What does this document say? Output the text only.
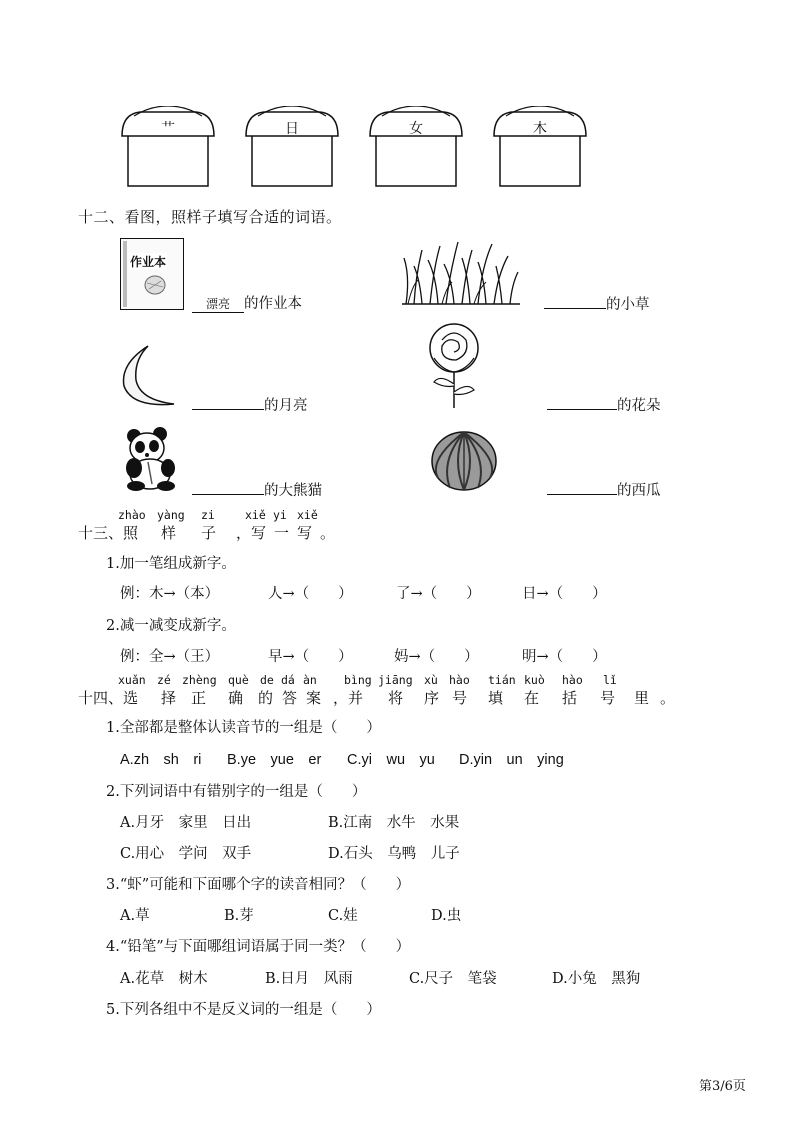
艹	日	女	木
十二、看图，照样子填写合适的词语。
作业本
漂亮 的作业本	的小草
的月亮	的花朵
的大熊猫	的西瓜
zhào yàng zi	xiě yi xiě
十三、照 样 子 ，写 一 写 。
1.加一笔组成新字。
例：木→（本）	人→（　　）	了→（　　）	日→（　　）
2.减一减变成新字。
例：全→（王）	早→（　　）	妈→（　　）	明→（　　）
xuǎn zé zhèng què de dá àn bìng jiāng xù hào tián kuò hào lǐ
十四、选 择 正 确 的 答 案 ，并 将 序 号 填 在 括 号 里 。
1.全部都是整体认读音节的一组是（　　）
A.zh　sh　ri B.ye　yue　er C.yi　wu　yu D.yin　un　ying
2.下列词语中有错别字的一组是（　　）
A.月牙　家里　日出	B.江南　水牛　水果
C.用心　学问　双手	D.石头　乌鸭　儿子
3.“虾”可能和下面哪个字的读音相同？（　　）
A.草	B.芽	C.娃	D.虫
4.“铅笔”与下面哪组词语属于同一类？（　　）
A.花草　树木	B.日月　风雨	C.尺子　笔袋	D.小兔　黑狗
5.下列各组中不是反义词的一组是（　　）
第3/6页
